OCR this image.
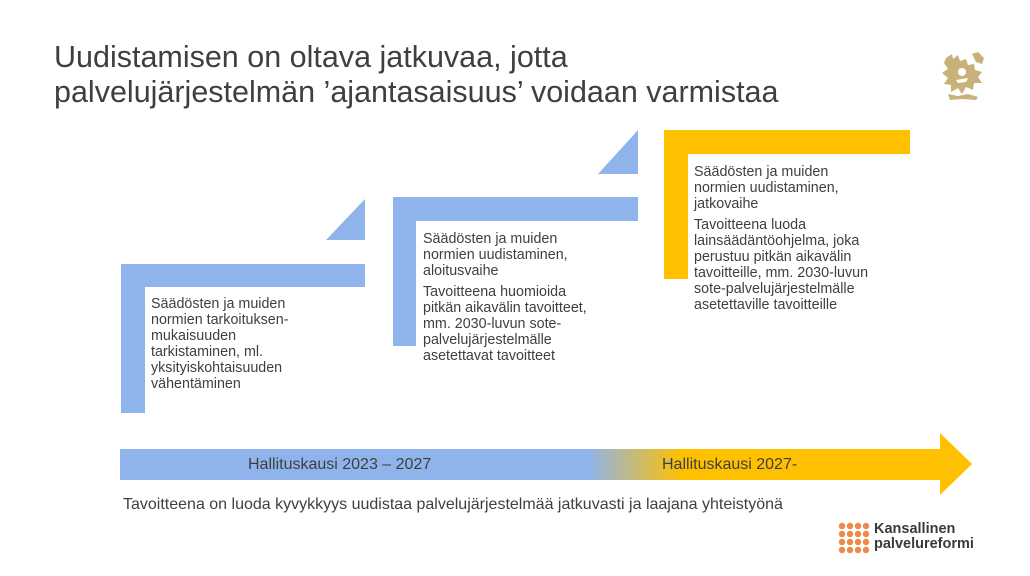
Uudistamisen on oltava jatkuvaa, jotta
palvelujärjestelmän ’ajantasaisuus’ voidaan varmistaa

Säädösten ja muiden
normien tarkoituksen-
mukaisuuden
tarkistaminen, ml.
yksityiskohtaisuuden
vähentäminen

Säädösten ja muiden
normien uudistaminen,
aloitusvaihe

Tavoitteena huomioida
pitkän aikavälin tavoitteet,
mm. 2030-luvun sote-
palvelujärjestelmälle
asetettavat tavoitteet

Säädösten ja muiden
normien uudistaminen,
jatkovaihe

Tavoitteena luoda
lainsäädäntöohjelma, joka
perustuu pitkän aikavälin
tavoitteille, mm. 2030-luvun
sote-palvelujärjestelmälle
asetettaville tavoitteille

Hallituskausi 2023 – 2027	Hallituskausi 2027-
Tavoitteena on luoda kyvykkyys uudistaa palvelujärjestelmää jatkuvasti ja laajana yhteistyönä
Kansallinen
palvelureformi
